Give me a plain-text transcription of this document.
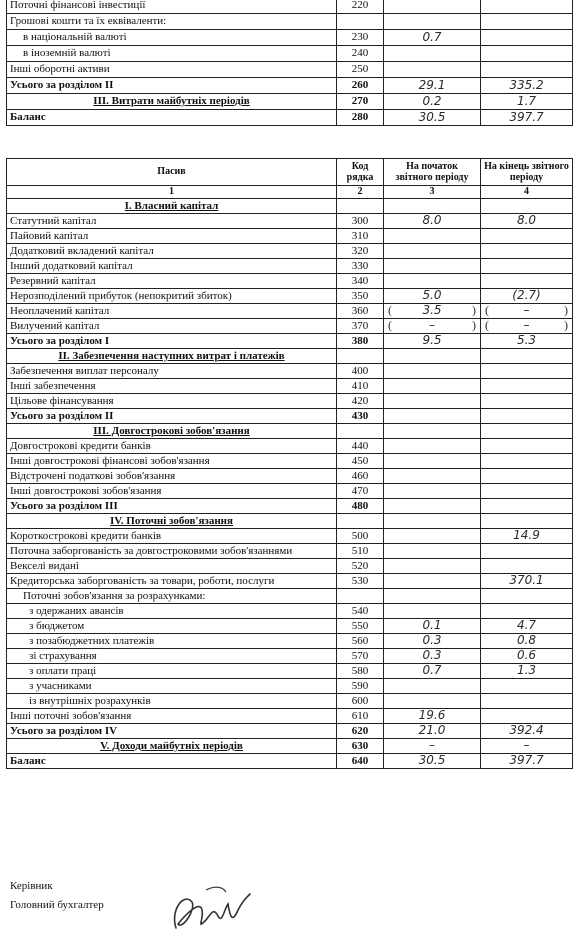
Поточні фінансові інвестиції	220		
Грошові кошти та їх еквіваленти:			
в національній валюті	230	0.7	
в іноземній валюті	240		
Інші оборотні активи	250		
Усього за розділом II	260	29.1	335.2
III. Витрати майбутніх періодів	270	0.2	1.7
Баланс	280	30.5	397.7
Пасив	Код рядка	На початок звітного періоду	На кінець звітного періоду
1	2	3	4
I. Власний капітал			
Статутний капітал	300	8.0	8.0
Пайовий капітал	310		
Додатковий вкладений капітал	320		
Інший додатковий капітал	330		
Резервний капітал	340		
Нерозподілений прибуток (непокритий збиток)	350	5.0	(2.7)
Неоплачений капітал	360	( 3.5 )	( – )

Вилучений капітал	370	( – )	( – )

Усього за розділом I	380	9.5	5.3
II. Забезпечення наступних витрат і платежів			
Забезпечення виплат персоналу	400		
Інші забезпечення	410		
Цільове фінансування	420		
Усього за розділом II	430		
III. Довгострокові зобов'язання			
Довгострокові кредити банків	440		
Інші довгострокові фінансові зобов'язання	450		
Відстрочені податкові зобов'язання	460		
Інші довгострокові зобов'язання	470		
Усього за розділом III	480		
IV. Поточні зобов'язання			
Короткострокові кредити банків	500		14.9
Поточна заборгованість за довгостроковими зобов'язаннями	510		
Векселі видані	520		
Кредиторська заборгованість за товари, роботи, послуги	530		370.1
Поточні зобов'язання за розрахунками:			
з одержаних авансів	540		
з бюджетом	550	0.1	4.7
з позабюджетних платежів	560	0.3	0.8
зі страхування	570	0.3	0.6
з оплати праці	580	0.7	1.3
з учасниками	590		
із внутрішніх розрахунків	600		
Інші поточні зобов'язання	610	19.6	
Усього за розділом IV	620	21.0	392.4
V. Доходи майбутніх періодів	630	–	–
Баланс	640	30.5	397.7
Керівник
Головний бухгалтер
